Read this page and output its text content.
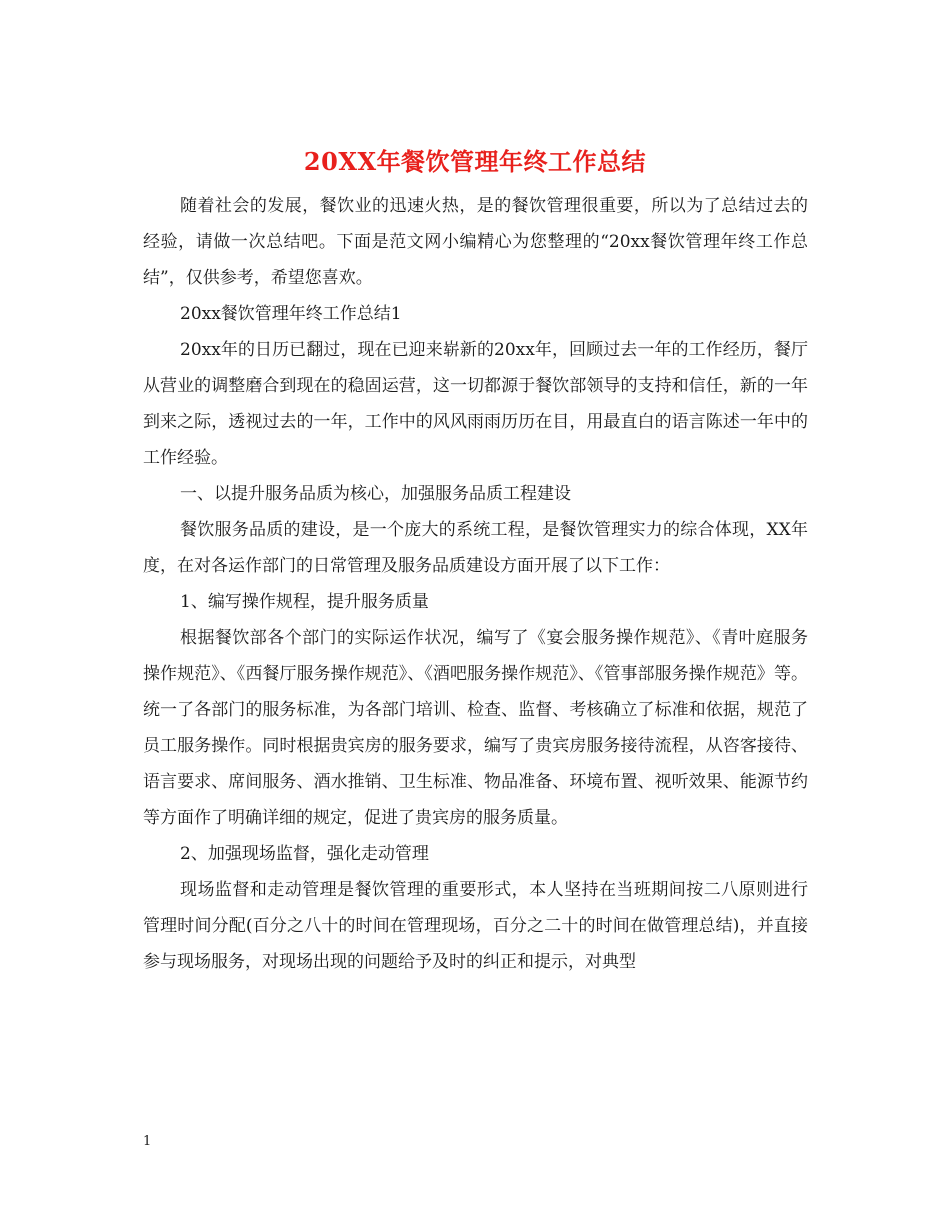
20XX年餐饮管理年终工作总结

随着社会的发展，餐饮业的迅速火热，是的餐饮管理很重要，所以为了总结过去的经验，请做一次总结吧。下面是范文网小编精心为您整理的“20xx餐饮管理年终工作总结”，仅供参考，希望您喜欢。

20xx餐饮管理年终工作总结1

20xx年的日历已翻过，现在已迎来崭新的20xx年，回顾过去一年的工作经历，餐厅从营业的调整磨合到现在的稳固运营，这一切都源于餐饮部领导的支持和信任，新的一年到来之际，透视过去的一年，工作中的风风雨雨历历在目，用最直白的语言陈述一年中的工作经验。

一、以提升服务品质为核心，加强服务品质工程建设

餐饮服务品质的建设，是一个庞大的系统工程，是餐饮管理实力的综合体现，XX年度，在对各运作部门的日常管理及服务品质建设方面开展了以下工作：

1、编写操作规程，提升服务质量

根据餐饮部各个部门的实际运作状况，编写了《宴会服务操作规范》、《青叶庭服务操作规范》、《西餐厅服务操作规范》、《酒吧服务操作规范》、《管事部服务操作规范》等。统一了各部门的服务标准，为各部门培训、检查、监督、考核确立了标准和依据，规范了员工服务操作。同时根据贵宾房的服务要求，编写了贵宾房服务接待流程，从咨客接待、语言要求、席间服务、酒水推销、卫生标准、物品准备、环境布置、视听效果、能源节约等方面作了明确详细的规定，促进了贵宾房的服务质量。

2、加强现场监督，强化走动管理

现场监督和走动管理是餐饮管理的重要形式，本人坚持在当班期间按二八原则进行管理时间分配(百分之八十的时间在管理现场，百分之二十的时间在做管理总结)，并直接参与现场服务，对现场出现的问题给予及时的纠正和提示，对典型

1
